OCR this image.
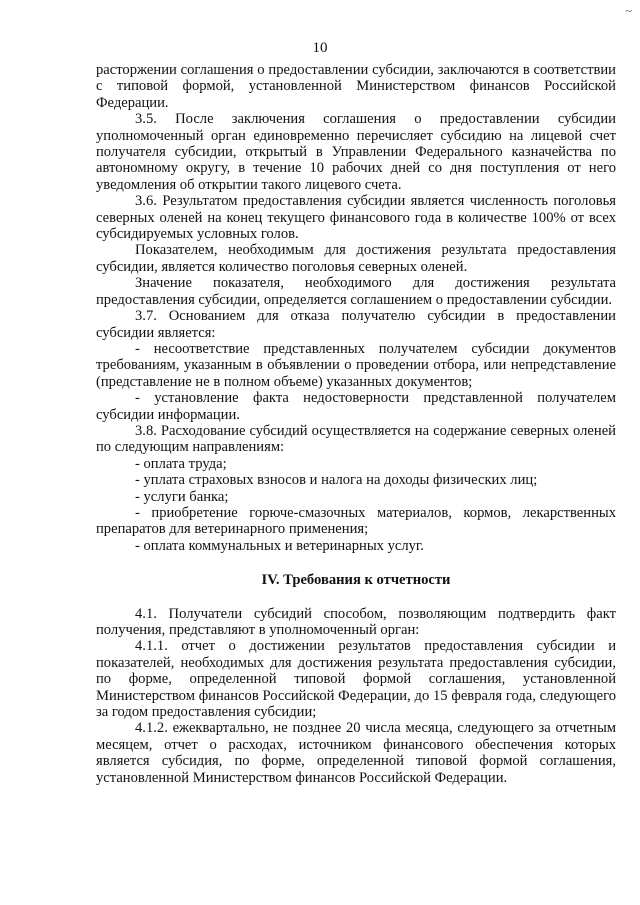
~
10

расторжении соглашения о предоставлении субсидии, заключаются в соответствии с типовой формой, установленной Министерством финансов Российской Федерации.

3.5. После заключения соглашения о предоставлении субсидии уполномоченный орган единовременно перечисляет субсидию на лицевой счет получателя субсидии, открытый в Управлении Федерального казначейства по автономному округу, в течение 10 рабочих дней со дня поступления от него уведомления об открытии такого лицевого счета.

3.6. Результатом предоставления субсидии является численность поголовья северных оленей на конец текущего финансового года в количестве 100% от всех субсидируемых условных голов.

Показателем, необходимым для достижения результата предоставления субсидии, является количество поголовья северных оленей.

Значение показателя, необходимого для достижения результата предоставления субсидии, определяется соглашением о предоставлении субсидии.

3.7. Основанием для отказа получателю субсидии в предоставлении субсидии является:

- несоответствие представленных получателем субсидии документов требованиям, указанным в объявлении о проведении отбора, или непредставление (представление не в полном объеме) указанных документов;

- установление факта недостоверности представленной получателем субсидии информации.

3.8. Расходование субсидий осуществляется на содержание северных оленей по следующим направлениям:

- оплата труда;

- уплата страховых взносов и налога на доходы физических лиц;

- услуги банка;

- приобретение горюче-смазочных материалов, кормов, лекарственных препаратов для ветеринарного применения;

- оплата коммунальных и ветеринарных услуг.

IV. Требования к отчетности

4.1. Получатели субсидий способом, позволяющим подтвердить факт получения, представляют в уполномоченный орган:

4.1.1. отчет о достижении результатов предоставления субсидии и показателей, необходимых для достижения результата предоставления субсидии, по форме, определенной типовой формой соглашения, установленной Министерством финансов Российской Федерации, до 15 февраля года, следующего за годом предоставления субсидии;

4.1.2. ежеквартально, не позднее 20 числа месяца, следующего за отчетным месяцем, отчет о расходах, источником финансового обеспечения которых является субсидия, по форме, определенной типовой формой соглашения, установленной Министерством финансов Российской Федерации.
